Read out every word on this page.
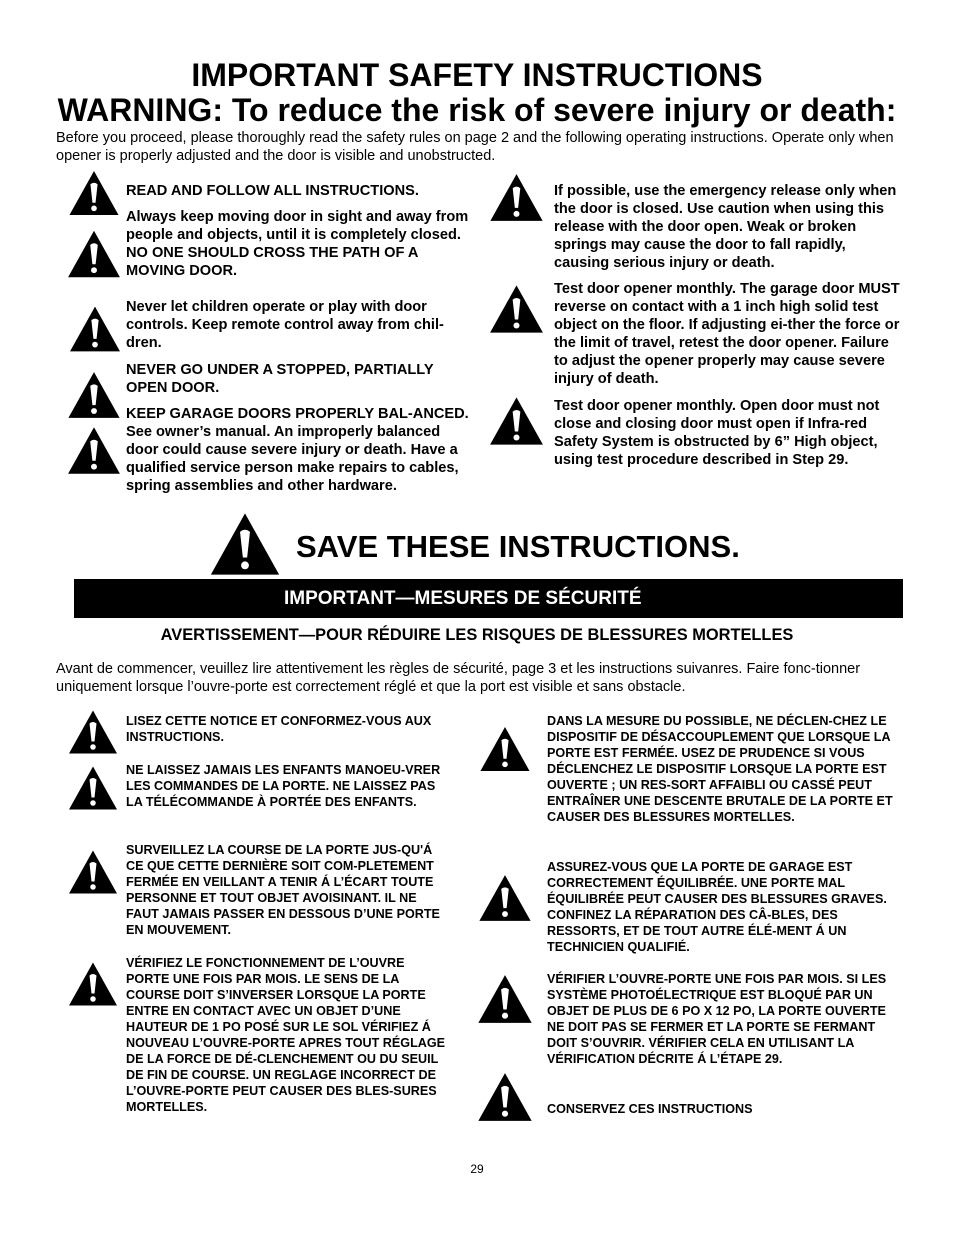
IMPORTANT SAFETY INSTRUCTIONS
WARNING: To reduce the risk of severe injury or death:
Before you proceed, please thoroughly read the safety rules on page 2 and the following operating instructions. Operate only when opener is properly adjusted and the door is visible and unobstructed.
READ AND FOLLOW ALL INSTRUCTIONS.
Always keep moving door in sight and away from people and objects, until it is completely closed. NO ONE SHOULD CROSS THE PATH OF A MOVING DOOR.
Never let children operate or play with door controls. Keep remote control away from chil-dren.
NEVER GO UNDER A STOPPED, PARTIALLY OPEN DOOR.
KEEP GARAGE DOORS PROPERLY BAL-ANCED. See owner’s manual. An improperly balanced door could cause severe injury or death. Have a qualified service person make repairs to cables, spring assemblies and other hardware.
If possible, use the emergency release only when the door is closed. Use caution when using this release with the door open. Weak or broken springs may cause the door to fall rapidly, causing serious injury or death.
Test door opener monthly. The garage door MUST reverse on contact with a 1 inch high solid test object on the floor. If adjusting ei-ther the force or the limit of travel, retest the door opener. Failure to adjust the opener properly may cause severe injury of death.
Test door opener monthly. Open door must not close and closing door must open if Infra-red Safety System is obstructed by 6” High object, using test procedure described in Step 29.
SAVE THESE INSTRUCTIONS.
IMPORTANT—MESURES DE SÉCURITÉ
AVERTISSEMENT—POUR RÉDUIRE LES RISQUES DE BLESSURES MORTELLES
Avant de commencer, veuillez lire attentivement les règles de sécurité, page 3 et les instructions suivanres. Faire fonc-tionner uniquement lorsque l’ouvre-porte est correctement réglé et que la port est visible et sans obstacle.
LISEZ CETTE NOTICE ET CONFORMEZ-VOUS AUX INSTRUCTIONS.
NE LAISSEZ JAMAIS LES ENFANTS MANOEU-VRER LES COMMANDES DE LA PORTE. NE LAISSEZ PAS LA TÉLÉCOMMANDE À PORTÉE DES ENFANTS.
SURVEILLEZ LA COURSE DE LA PORTE JUS-QU'Á CE QUE CETTE DERNIÈRE SOIT COM-PLETEMENT FERMÉE EN VEILLANT A TENIR Á L’ÉCART TOUTE PERSONNE ET TOUT OBJET AVOISINANT. IL NE FAUT JAMAIS PASSER EN DESSOUS D’UNE PORTE EN MOUVEMENT.
VÉRIFIEZ LE FONCTIONNEMENT DE L’OUVRE PORTE UNE FOIS PAR MOIS. LE SENS DE LA COURSE DOIT S’INVERSER LORSQUE LA PORTE ENTRE EN CONTACT AVEC UN OBJET D’UNE HAUTEUR DE 1 PO POSÉ SUR LE SOL VÉRIFIEZ Á NOUVEAU L’OUVRE-PORTE APRES TOUT RÉGLAGE DE LA FORCE DE DÉ-CLENCHEMENT OU DU SEUIL DE FIN DE COURSE. UN REGLAGE INCORRECT DE L’OUVRE-PORTE PEUT CAUSER DES BLES-SURES MORTELLES.
DANS LA MESURE DU POSSIBLE, NE DÉCLEN-CHEZ LE DISPOSITIF DE DÉSACCOUPLEMENT QUE LORSQUE LA PORTE EST FERMÉE. USEZ DE PRUDENCE SI VOUS DÉCLENCHEZ LE DISPOSITIF LORSQUE LA PORTE EST OUVERTE ; UN RES-SORT AFFAIBLI OU CASSÉ PEUT ENTRAÎNER UNE DESCENTE BRUTALE DE LA PORTE ET CAUSER DES BLESSURES MORTELLES.
ASSUREZ-VOUS QUE LA PORTE DE GARAGE EST CORRECTEMENT ÉQUILIBRÉE. UNE PORTE MAL ÉQUILIBRÉE PEUT CAUSER DES BLESSURES GRAVES. CONFINEZ LA RÉPARATION DES CÂ-BLES, DES RESSORTS, ET DE TOUT AUTRE ÉLÉ-MENT Á UN TECHNICIEN QUALIFIÉ.
VÉRIFIER L’OUVRE-PORTE UNE FOIS PAR MOIS. SI LES SYSTÈME PHOTOÉLECTRIQUE EST BLOQUÉ PAR UN OBJET DE PLUS DE 6 PO X 12 PO, LA PORTE OUVERTE NE DOIT PAS SE FERMER ET LA PORTE SE FERMANT DOIT S’OUVRIR. VÉRIFIER CELA EN UTILISANT LA VÉRIFICATION DÉCRITE Á L’ÉTAPE 29.
CONSERVEZ CES INSTRUCTIONS
29
